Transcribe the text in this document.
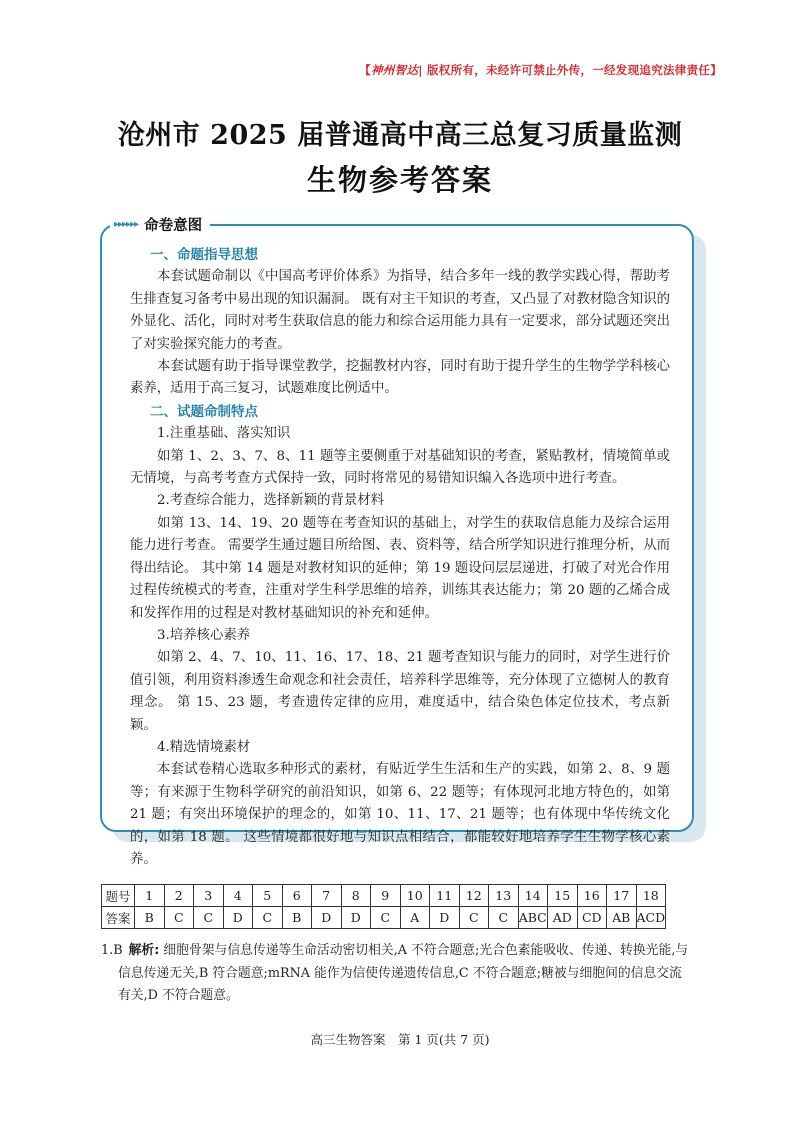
【神州智达| 版权所有，未经许可禁止外传，一经发现追究法律责任】
沧州市 2025 届普通高中高三总复习质量监测
生物参考答案
▸▸▸▸▸▸ 命卷意图

一、命题指导思想

本套试题命制以《中国高考评价体系》为指导，结合多年一线的教学实践心得，帮助考生排查复习备考中易出现的知识漏洞。 既有对主干知识的考查，又凸显了对教材隐含知识的外显化、活化，同时对考生获取信息的能力和综合运用能力具有一定要求，部分试题还突出了对实验探究能力的考查。

本套试题有助于指导课堂教学，挖掘教材内容，同时有助于提升学生的生物学学科核心素养，适用于高三复习，试题难度比例适中。

二、试题命制特点

1.注重基础、落实知识

如第 1、2、3、7、8、11 题等主要侧重于对基础知识的考查，紧贴教材，情境简单或无情境，与高考考查方式保持一致，同时将常见的易错知识编入各选项中进行考查。

2.考查综合能力，选择新颖的背景材料

如第 13、14、19、20 题等在考查知识的基础上，对学生的获取信息能力及综合运用能力进行考查。 需要学生通过题目所给图、表、资料等，结合所学知识进行推理分析，从而得出结论。 其中第 14 题是对教材知识的延伸；第 19 题设问层层递进，打破了对光合作用过程传统模式的考查，注重对学生科学思维的培养，训练其表达能力；第 20 题的乙烯合成和发挥作用的过程是对教材基础知识的补充和延伸。

3.培养核心素养

如第 2、4、7、10、11、16、17、18、21 题考查知识与能力的同时，对学生进行价值引领，利用资料渗透生命观念和社会责任，培养科学思维等，充分体现了立德树人的教育理念。 第 15、23 题，考查遗传定律的应用，难度适中，结合染色体定位技术，考点新颖。

4.精选情境素材

本套试卷精心选取多种形式的素材，有贴近学生生活和生产的实践，如第 2、8、9 题等；有来源于生物科学研究的前沿知识，如第 6、22 题等；有体现河北地方特色的，如第 21 题；有突出环境保护的理念的，如第 10、11、17、21 题等；也有体现中华传统文化的，如第 18 题。 这些情境都很好地与知识点相结合，都能较好地培养学生生物学核心素养。

题号	1	2	3	4	5	6	7	8	9	10	11	12	13	14	15	16	17	18
答案	B	C	C	D	C	B	D	D	C	A	D	C	C	ABC	AD	CD	AB	ACD
1.B 解析: 细胞骨架与信息传递等生命活动密切相关,A 不符合题意;光合色素能吸收、传递、转换光能,与
信息传递无关,B 符合题意;mRNA 能作为信使传递遗传信息,C 不符合题意;糖被与细胞间的信息交流
有关,D 不符合题意。
高三生物答案　第 1 页(共 7 页)
